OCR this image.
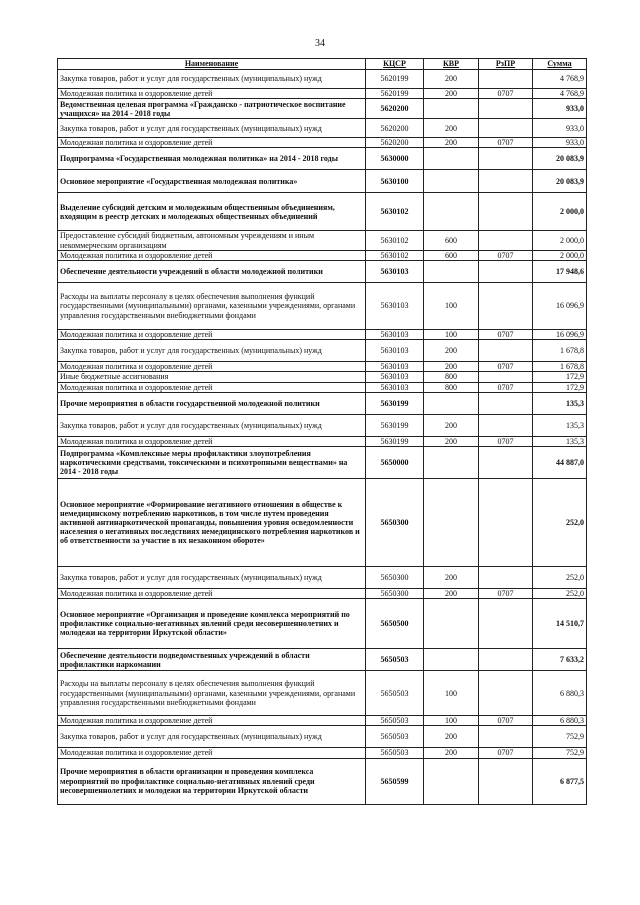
34
Наименование	КЦСР	КВР	РзПР	Сумма
Закупка товаров, работ и услуг для государственных (муниципальных) нужд	5620199	200		4 768,9
Молодежная политика и оздоровление детей	5620199	200	0707	4 768,9
Ведомственная целевая программа «Гражданско - патриотическое воспитание учащихся» на 2014 - 2018 годы	5620200			933,0
Закупка товаров, работ и услуг для государственных (муниципальных) нужд	5620200	200		933,0
Молодежная политика и оздоровление детей	5620200	200	0707	933,0
Подпрограмма «Государственная молодежная политика» на 2014 - 2018 годы	5630000			20 083,9
Основное мероприятие «Государственная молодежная политика»	5630100			20 083,9
Выделение субсидий детским и молодежным общественным объединениям, входящим в реестр детских и молодежных общественных объединений	5630102			2 000,0
Предоставление субсидий бюджетным, автономным учреждениям и иным некоммерческим организациям	5630102	600		2 000,0
Молодежная политика и оздоровление детей	5630102	600	0707	2 000,0
Обеспечение деятельности учреждений в области молодежной политики	5630103			17 948,6
Расходы на выплаты персоналу в целях обеспечения выполнения функций государственными (муниципальными) органами, казенными учреждениями, органами управления государственными внебюджетными фондами	5630103	100		16 096,9
Молодежная политика и оздоровление детей	5630103	100	0707	16 096,9
Закупка товаров, работ и услуг для государственных (муниципальных) нужд	5630103	200		1 678,8
Молодежная политика и оздоровление детей	5630103	200	0707	1 678,8
Иные бюджетные ассигнования	5630103	800		172,9
Молодежная политика и оздоровление детей	5630103	800	0707	172,9
Прочие мероприятия в области государственной молодежной политики	5630199			135,3
Закупка товаров, работ и услуг для государственных (муниципальных) нужд	5630199	200		135,3
Молодежная политика и оздоровление детей	5630199	200	0707	135,3
Подпрограмма «Комплексные меры профилактики злоупотребления наркотическими средствами, токсическими и психотропными веществами» на 2014 - 2018 годы	5650000			44 887,0
Основное мероприятие «Формирование негативного отношения в обществе к немедицинскому потреблению наркотиков, в том числе путем проведения активной антинаркотической пропаганды, повышения уровня осведомленности населения о негативных последствиях немедицинского потребления наркотиков и об ответственности за участие в их незаконном обороте»	5650300			252,0
Закупка товаров, работ и услуг для государственных (муниципальных) нужд	5650300	200		252,0
Молодежная политика и оздоровление детей	5650300	200	0707	252,0
Основное мероприятие «Организация и проведение комплекса мероприятий по профилактике социально-негативных явлений среди несовершеннолетних и молодежи на территории Иркутской области»	5650500			14 510,7
Обеспечение деятельности подведомственных учреждений в области профилактики наркомании	5650503			7 633,2
Расходы на выплаты персоналу в целях обеспечения выполнения функций государственными (муниципальными) органами, казенными учреждениями, органами управления государственными внебюджетными фондами	5650503	100		6 880,3
Молодежная политика и оздоровление детей	5650503	100	0707	6 880,3
Закупка товаров, работ и услуг для государственных (муниципальных) нужд	5650503	200		752,9
Молодежная политика и оздоровление детей	5650503	200	0707	752,9
Прочие мероприятия в области организации и проведения комплекса мероприятий по профилактике социально-негативных явлений среди несовершеннолетних и молодежи на территории Иркутской области	5650599			6 877,5
